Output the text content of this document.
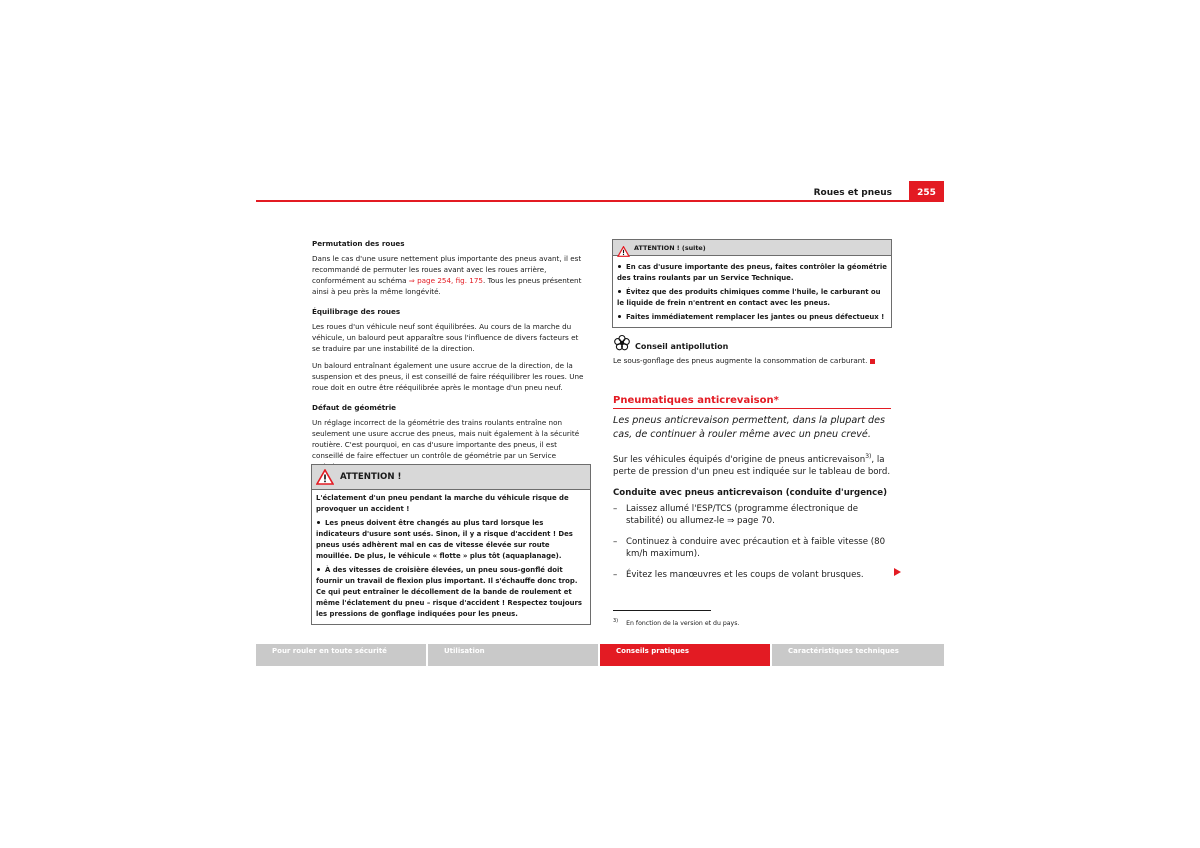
Roues et pneus	255
Permutation des roues

Dans le cas d'une usure nettement plus importante des pneus avant, il est recommandé de permuter les roues avant avec les roues arrière, conformément au schéma ⇒ page 254, fig. 175. Tous les pneus présentent ainsi à peu près la même longévité.

Équilibrage des roues

Les roues d'un véhicule neuf sont équilibrées. Au cours de la marche du véhicule, un balourd peut apparaître sous l'influence de divers facteurs et se traduire par une instabilité de la direction.

Un balourd entraînant également une usure accrue de la direction, de la suspension et des pneus, il est conseillé de faire rééquilibrer les roues. Une roue doit en outre être rééquilibrée après le montage d'un pneu neuf.

Défaut de géométrie

Un réglage incorrect de la géométrie des trains roulants entraîne non seulement une usure accrue des pneus, mais nuit également à la sécurité routière. C'est pourquoi, en cas d'usure importante des pneus, il est conseillé de faire effectuer un contrôle de géométrie par un Service

ATTENTION !

L'éclatement d'un pneu pendant la marche du véhicule risque de provoquer un accident !

Les pneus doivent être changés au plus tard lorsque les indicateurs d'usure sont usés. Sinon, il y a risque d'accident ! Des pneus usés adhèrent mal en cas de vitesse élevée sur route mouillée. De plus, le véhicule « flotte » plus tôt (aquaplanage).

À des vitesses de croisière élevées, un pneu sous-gonflé doit fournir un travail de flexion plus important. Il s'échauffe donc trop. Ce qui peut entraîner le décollement de la bande de roulement et même l'éclatement du pneu – risque d'accident ! Respectez toujours les pressions de gonflage indiquées pour les pneus.

ATTENTION ! (suite)

En cas d'usure importante des pneus, faites contrôler la géométrie des trains roulants par un Service Technique.

Évitez que des produits chimiques comme l'huile, le carburant ou le liquide de frein n'entrent en contact avec les pneus.

Faites immédiatement remplacer les jantes ou pneus défectueux !

Conseil antipollution
Le sous-gonflage des pneus augmente la consommation de carburant.
Pneumatiques anticrevaison*
Les pneus anticrevaison permettent, dans la plupart des cas, de continuer à rouler même avec un pneu crevé.
Sur les véhicules équipés d'origine de pneus anticrevaison$^{3)}$, la perte de pression d'un pneu est indiquée sur le tableau de bord.
Conduite avec pneus anticrevaison (conduite d'urgence)
– Laissez allumé l'ESP/TCS (programme électronique de stabilité) ou allumez-le ⇒ page 70.
– Continuez à conduire avec précaution et à faible vitesse (80 km/h maximum).
– Évitez les manœuvres et les coups de volant brusques.
$^{3)}$ En fonction de la version et du pays.
Pour rouler en toute sécurité	Utilisation	Conseils pratiques	Caractéristiques techniques
